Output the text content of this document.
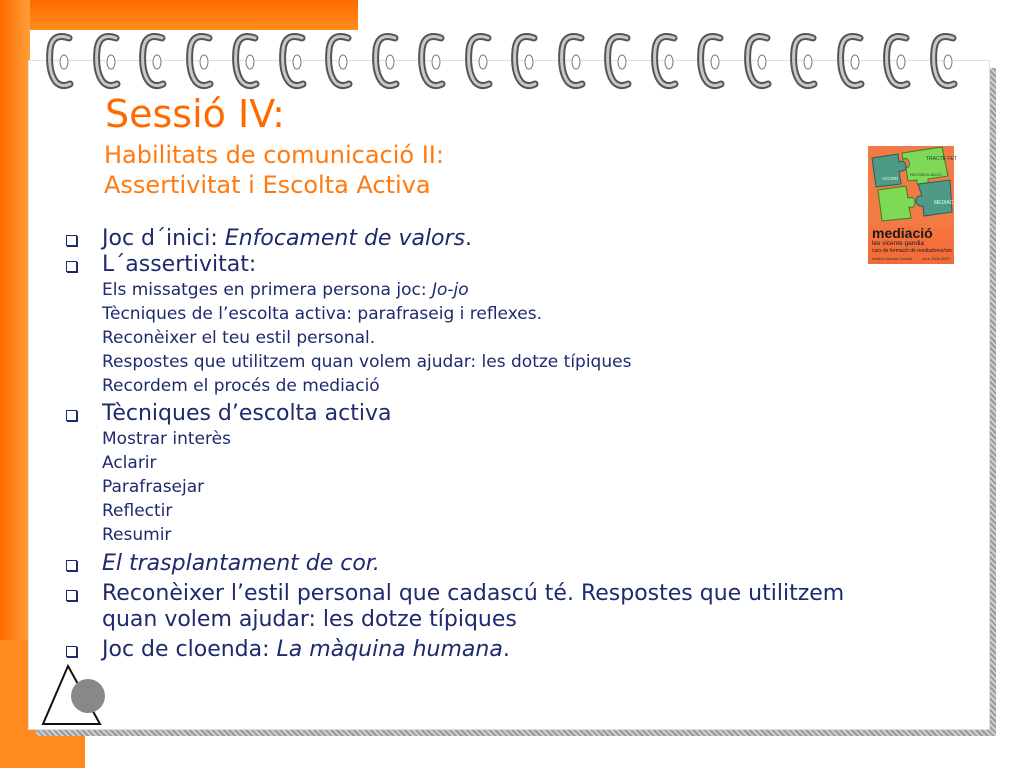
Sessió IV:
Habilitats de comunicació II:
Assertivitat i Escolta Activa
TRACTE FET
MEDIACIÓ
RECONCILIACIÓ
ACORD
mediació
les vicente gandia
curs de formació de mediadores/ors
Institut Vicente Gandia	curs 2006-2007
Joc d´inici: Enfocament de valors.
L´assertivitat:
Els missatges en primera persona joc: Jo-jo
Tècniques de l’escolta activa: parafraseig i reflexes.
Reconèixer el teu estil personal.
Respostes que utilitzem quan volem ajudar: les dotze típiques
Recordem el procés de mediació
Tècniques d’escolta activa
Mostrar interès
Aclarir
Parafrasejar
Reflectir
Resumir
El trasplantament de cor.
Reconèixer l’estil personal que cadascú té. Respostes que utilitzem quan volem ajudar: les dotze típiques
Joc de cloenda: La màquina humana.
